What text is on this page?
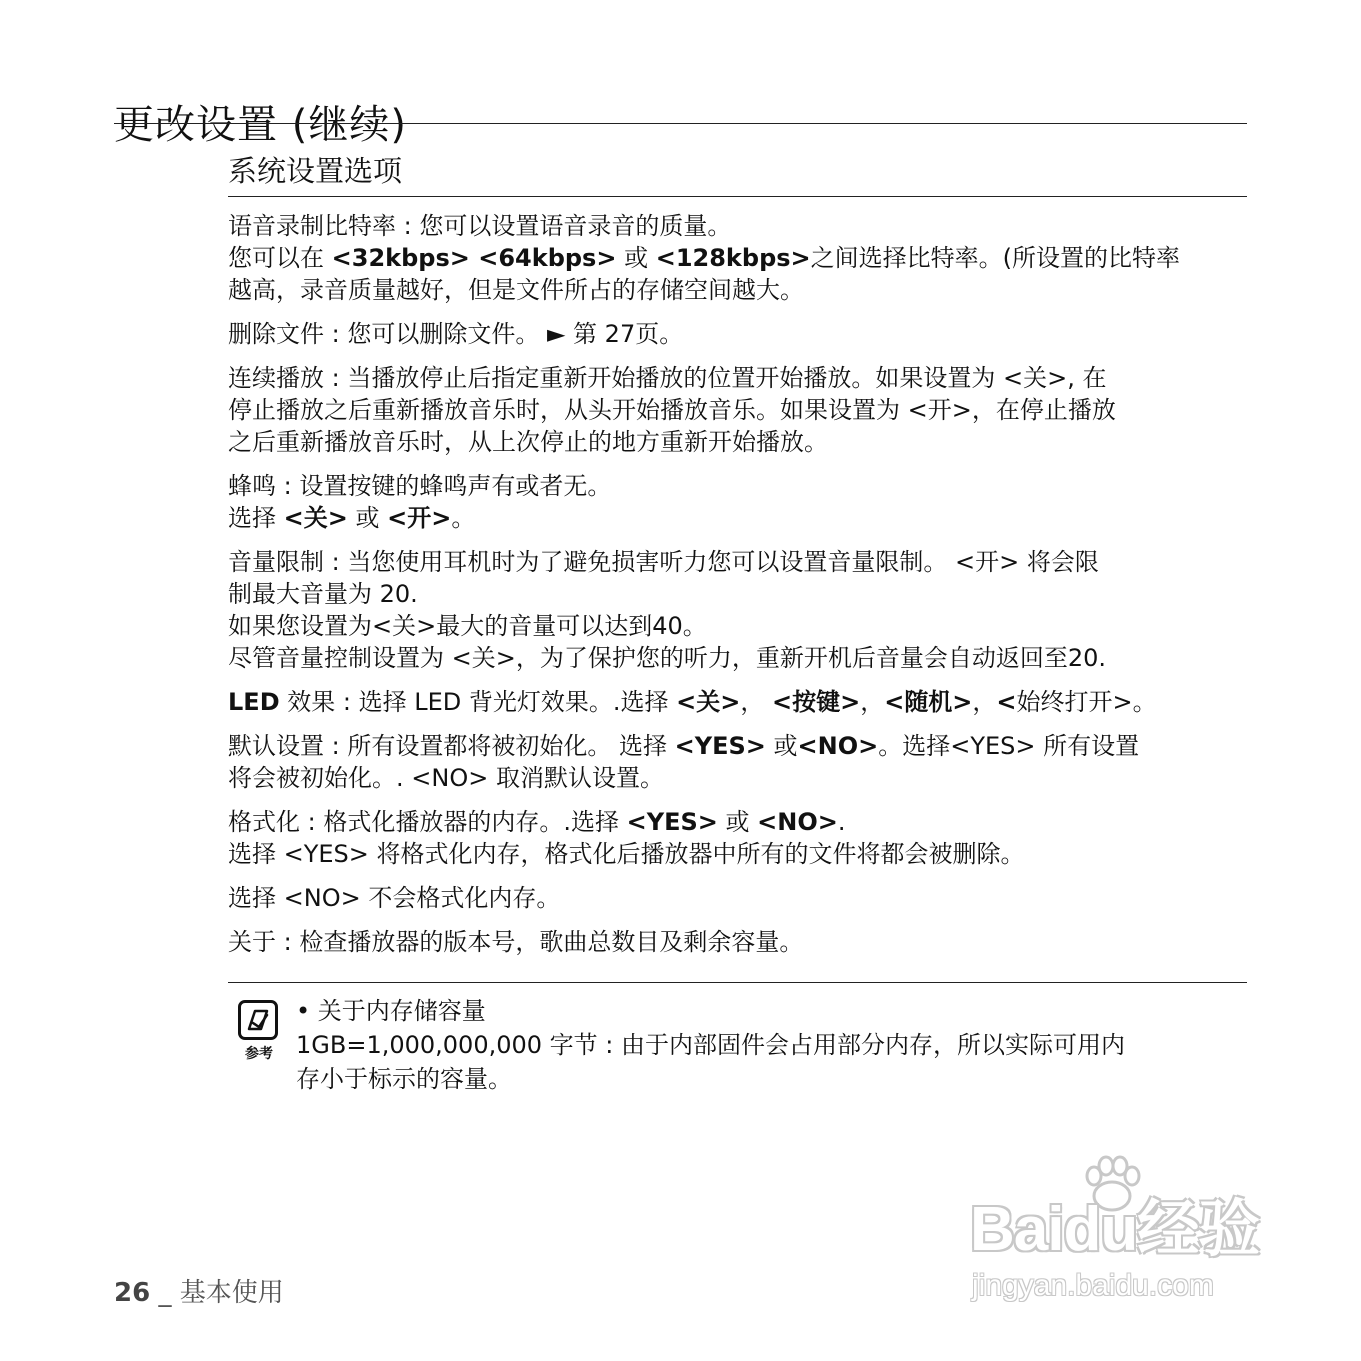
更改设置 (继续)
系统设置选项
语音录制比特率 : 您可以设置语音录音的质量。
您可以在 <32kbps> <64kbps> 或 <128kbps>之间选择比特率。(所设置的比特率
越高，录音质量越好，但是文件所占的存储空间越大。
删除文件 : 您可以删除文件。 ► 第 27页。
连续播放 : 当播放停止后指定重新开始播放的位置开始播放。如果设置为 <关>, 在
停止播放之后重新播放音乐时，从头开始播放音乐。如果设置为 <开>，在停止播放
之后重新播放音乐时，从上次停止的地方重新开始播放。
蜂鸣 : 设置按键的蜂鸣声有或者无。
选择 <关> 或 <开>。
音量限制 : 当您使用耳机时为了避免损害听力您可以设置音量限制。 <开> 将会限
制最大音量为 20.
如果您设置为<关>最大的音量可以达到40。
尽管音量控制设置为 <关>，为了保护您的听力，重新开机后音量会自动返回至20.
LED 效果 : 选择 LED 背光灯效果。.选择 <关>， <按键>，<随机>，<始终打开>。
默认设置 : 所有设置都将被初始化。 选择 <YES> 或<NO>。选择<YES> 所有设置
将会被初始化。. <NO> 取消默认设置。
格式化 : 格式化播放器的内存。.选择 <YES> 或 <NO>.
选择 <YES> 将格式化内存，格式化后播放器中所有的文件将都会被删除。
选择 <NO> 不会格式化内存。
关于 : 检查播放器的版本号，歌曲总数目及剩余容量。
参考
• 关于内存储容量
1GB=1,000,000,000 字节 : 由于内部固件会占用部分内存，所以实际可用内
存小于标示的容量。
26 _ 基本使用
Baidu经验
jingyan.baidu.com
